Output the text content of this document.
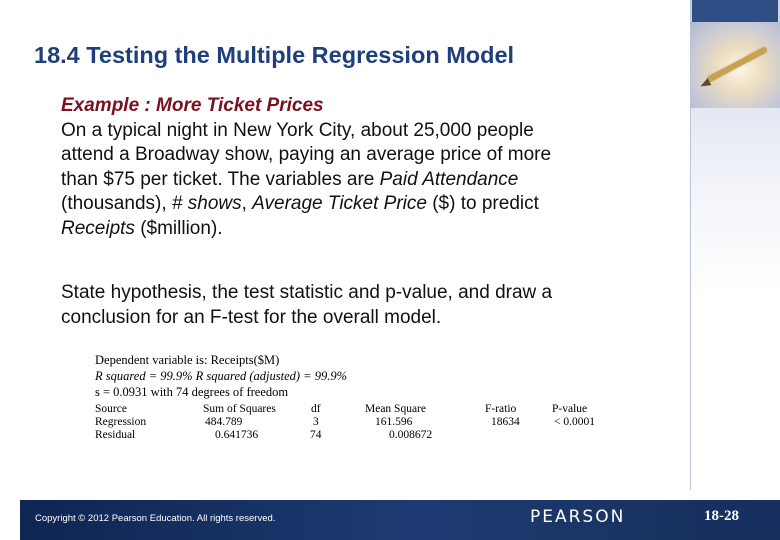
18.4 Testing the Multiple Regression Model
Example : More Ticket Prices
On a typical night in New York City, about 25,000 people
attend a Broadway show, paying an average price of more
than $75 per ticket. The variables are Paid Attendance
(thousands), # shows, Average Ticket Price ($) to predict
Receipts ($million).
State hypothesis, the test statistic and p-value, and draw a
conclusion for an F-test for the overall model.
Dependent variable is: Receipts($M)
R squared = 99.9% R squared (adjusted) = 99.9%
s = 0.0931 with 74 degrees of freedom
Source	Sum of Squares	df	Mean Square	F-ratio	P-value
Regression	484.789	3	161.596	18634	< 0.0001
Residual	0.641736	74	0.008672
Copyright © 2012 Pearson Education. All rights reserved.	PEARSON	18-28
